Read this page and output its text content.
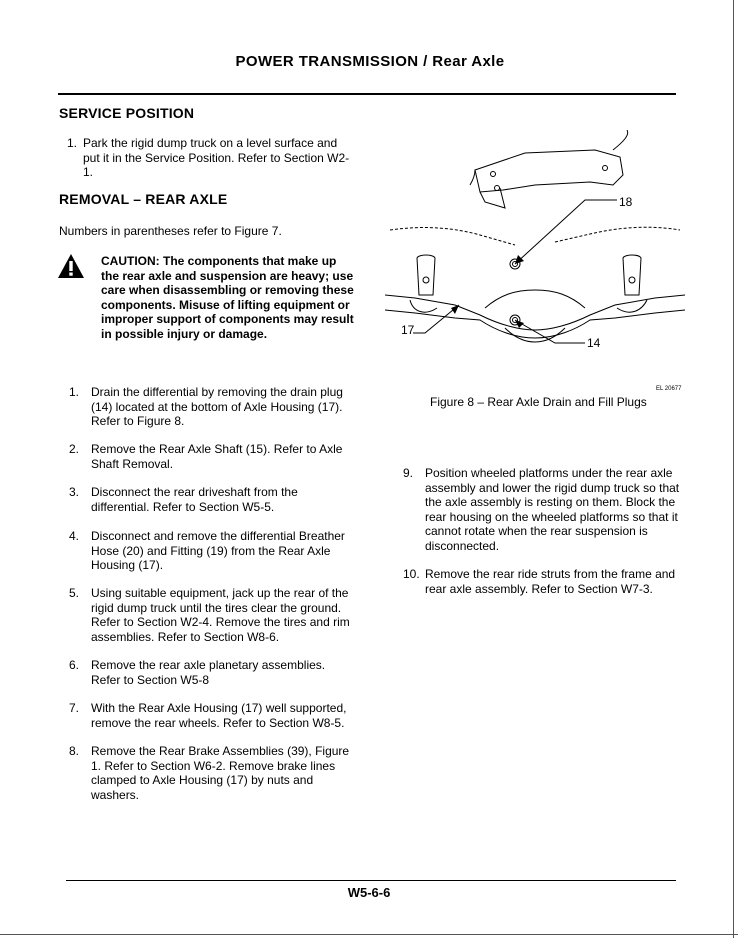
POWER TRANSMISSION / Rear Axle
SERVICE POSITION
1. Park the rigid dump truck on a level surface and put it in the Service Position. Refer to Section W2-1.
REMOVAL – REAR AXLE
Numbers in parentheses refer to Figure 7.
CAUTION: The components that make up the rear axle and suspension are heavy; use care when disassembling or removing these components. Misuse of lifting equipment or improper support of components may result in possible injury or damage.
1. Drain the differential by removing the drain plug (14) located at the bottom of Axle Housing (17). Refer to Figure 8.
2. Remove the Rear Axle Shaft (15). Refer to Axle Shaft Removal.
3. Disconnect the rear driveshaft from the differential. Refer to Section W5-5.
4. Disconnect and remove the differential Breather Hose (20) and Fitting (19) from the Rear Axle Housing (17).
5. Using suitable equipment, jack up the rear of the rigid dump truck until the tires clear the ground. Refer to Section W2-4. Remove the tires and rim assemblies. Refer to Section W8-6.
6. Remove the rear axle planetary assemblies. Refer to Section W5-8
7. With the Rear Axle Housing (17) well supported, remove the rear wheels. Refer to Section W8-5.
8. Remove the Rear Brake Assemblies (39), Figure 1. Refer to Section W6-2. Remove brake lines clamped to Axle Housing (17) by nuts and washers.
18
17
14
EL 20677
Figure 8 – Rear Axle Drain and Fill Plugs
9. Position wheeled platforms under the rear axle assembly and lower the rigid dump truck so that the axle assembly is resting on them. Block the rear housing on the wheeled platforms so that it cannot rotate when the rear suspension is disconnected.
10. Remove the rear ride struts from the frame and rear axle assembly. Refer to Section W7-3.
W5-6-6
